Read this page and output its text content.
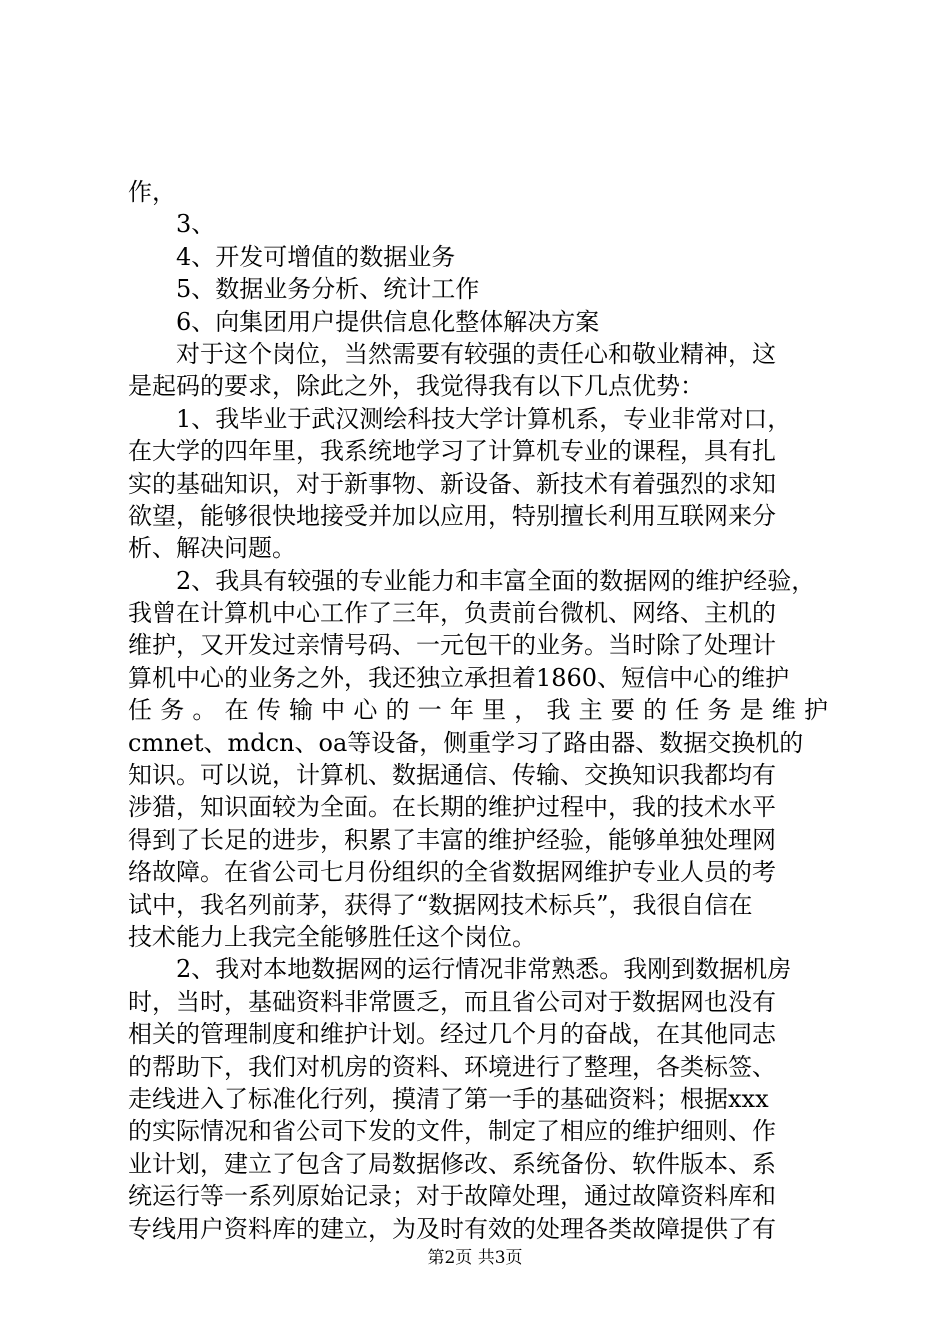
作，
3、
4、开发可增值的数据业务
5、数据业务分析、统计工作
6、向集团用户提供信息化整体解决方案
对于这个岗位，当然需要有较强的责任心和敬业精神，这
是起码的要求，除此之外，我觉得我有以下几点优势：
1、我毕业于武汉测绘科技大学计算机系，专业非常对口，
在大学的四年里，我系统地学习了计算机专业的课程，具有扎
实的基础知识，对于新事物、新设备、新技术有着强烈的求知
欲望，能够很快地接受并加以应用，特别擅长利用互联网来分
析、解决问题。
2、我具有较强的专业能力和丰富全面的数据网的维护经验，
我曾在计算机中心工作了三年，负责前台微机、网络、主机的
维护，又开发过亲情号码、一元包干的业务。当时除了处理计
算机中心的业务之外，我还独立承担着1860、短信中心的维护
任务。在传输中心的一年里，我主要的任务是维护
cmnet、mdcn、oa等设备，侧重学习了路由器、数据交换机的
知识。可以说，计算机、数据通信、传输、交换知识我都均有
涉猎，知识面较为全面。在长期的维护过程中，我的技术水平
得到了长足的进步，积累了丰富的维护经验，能够单独处理网
络故障。在省公司七月份组织的全省数据网维护专业人员的考
试中，我名列前茅，获得了“数据网技术标兵”，我很自信在
技术能力上我完全能够胜任这个岗位。
2、我对本地数据网的运行情况非常熟悉。我刚到数据机房
时，当时，基础资料非常匮乏，而且省公司对于数据网也没有
相关的管理制度和维护计划。经过几个月的奋战，在其他同志
的帮助下，我们对机房的资料、环境进行了整理，各类标签、
走线进入了标准化行列，摸清了第一手的基础资料；根据xxx
的实际情况和省公司下发的文件，制定了相应的维护细则、作
业计划，建立了包含了局数据修改、系统备份、软件版本、系
统运行等一系列原始记录；对于故障处理，通过故障资料库和
专线用户资料库的建立，为及时有效的处理各类故障提供了有
第2页 共3页
